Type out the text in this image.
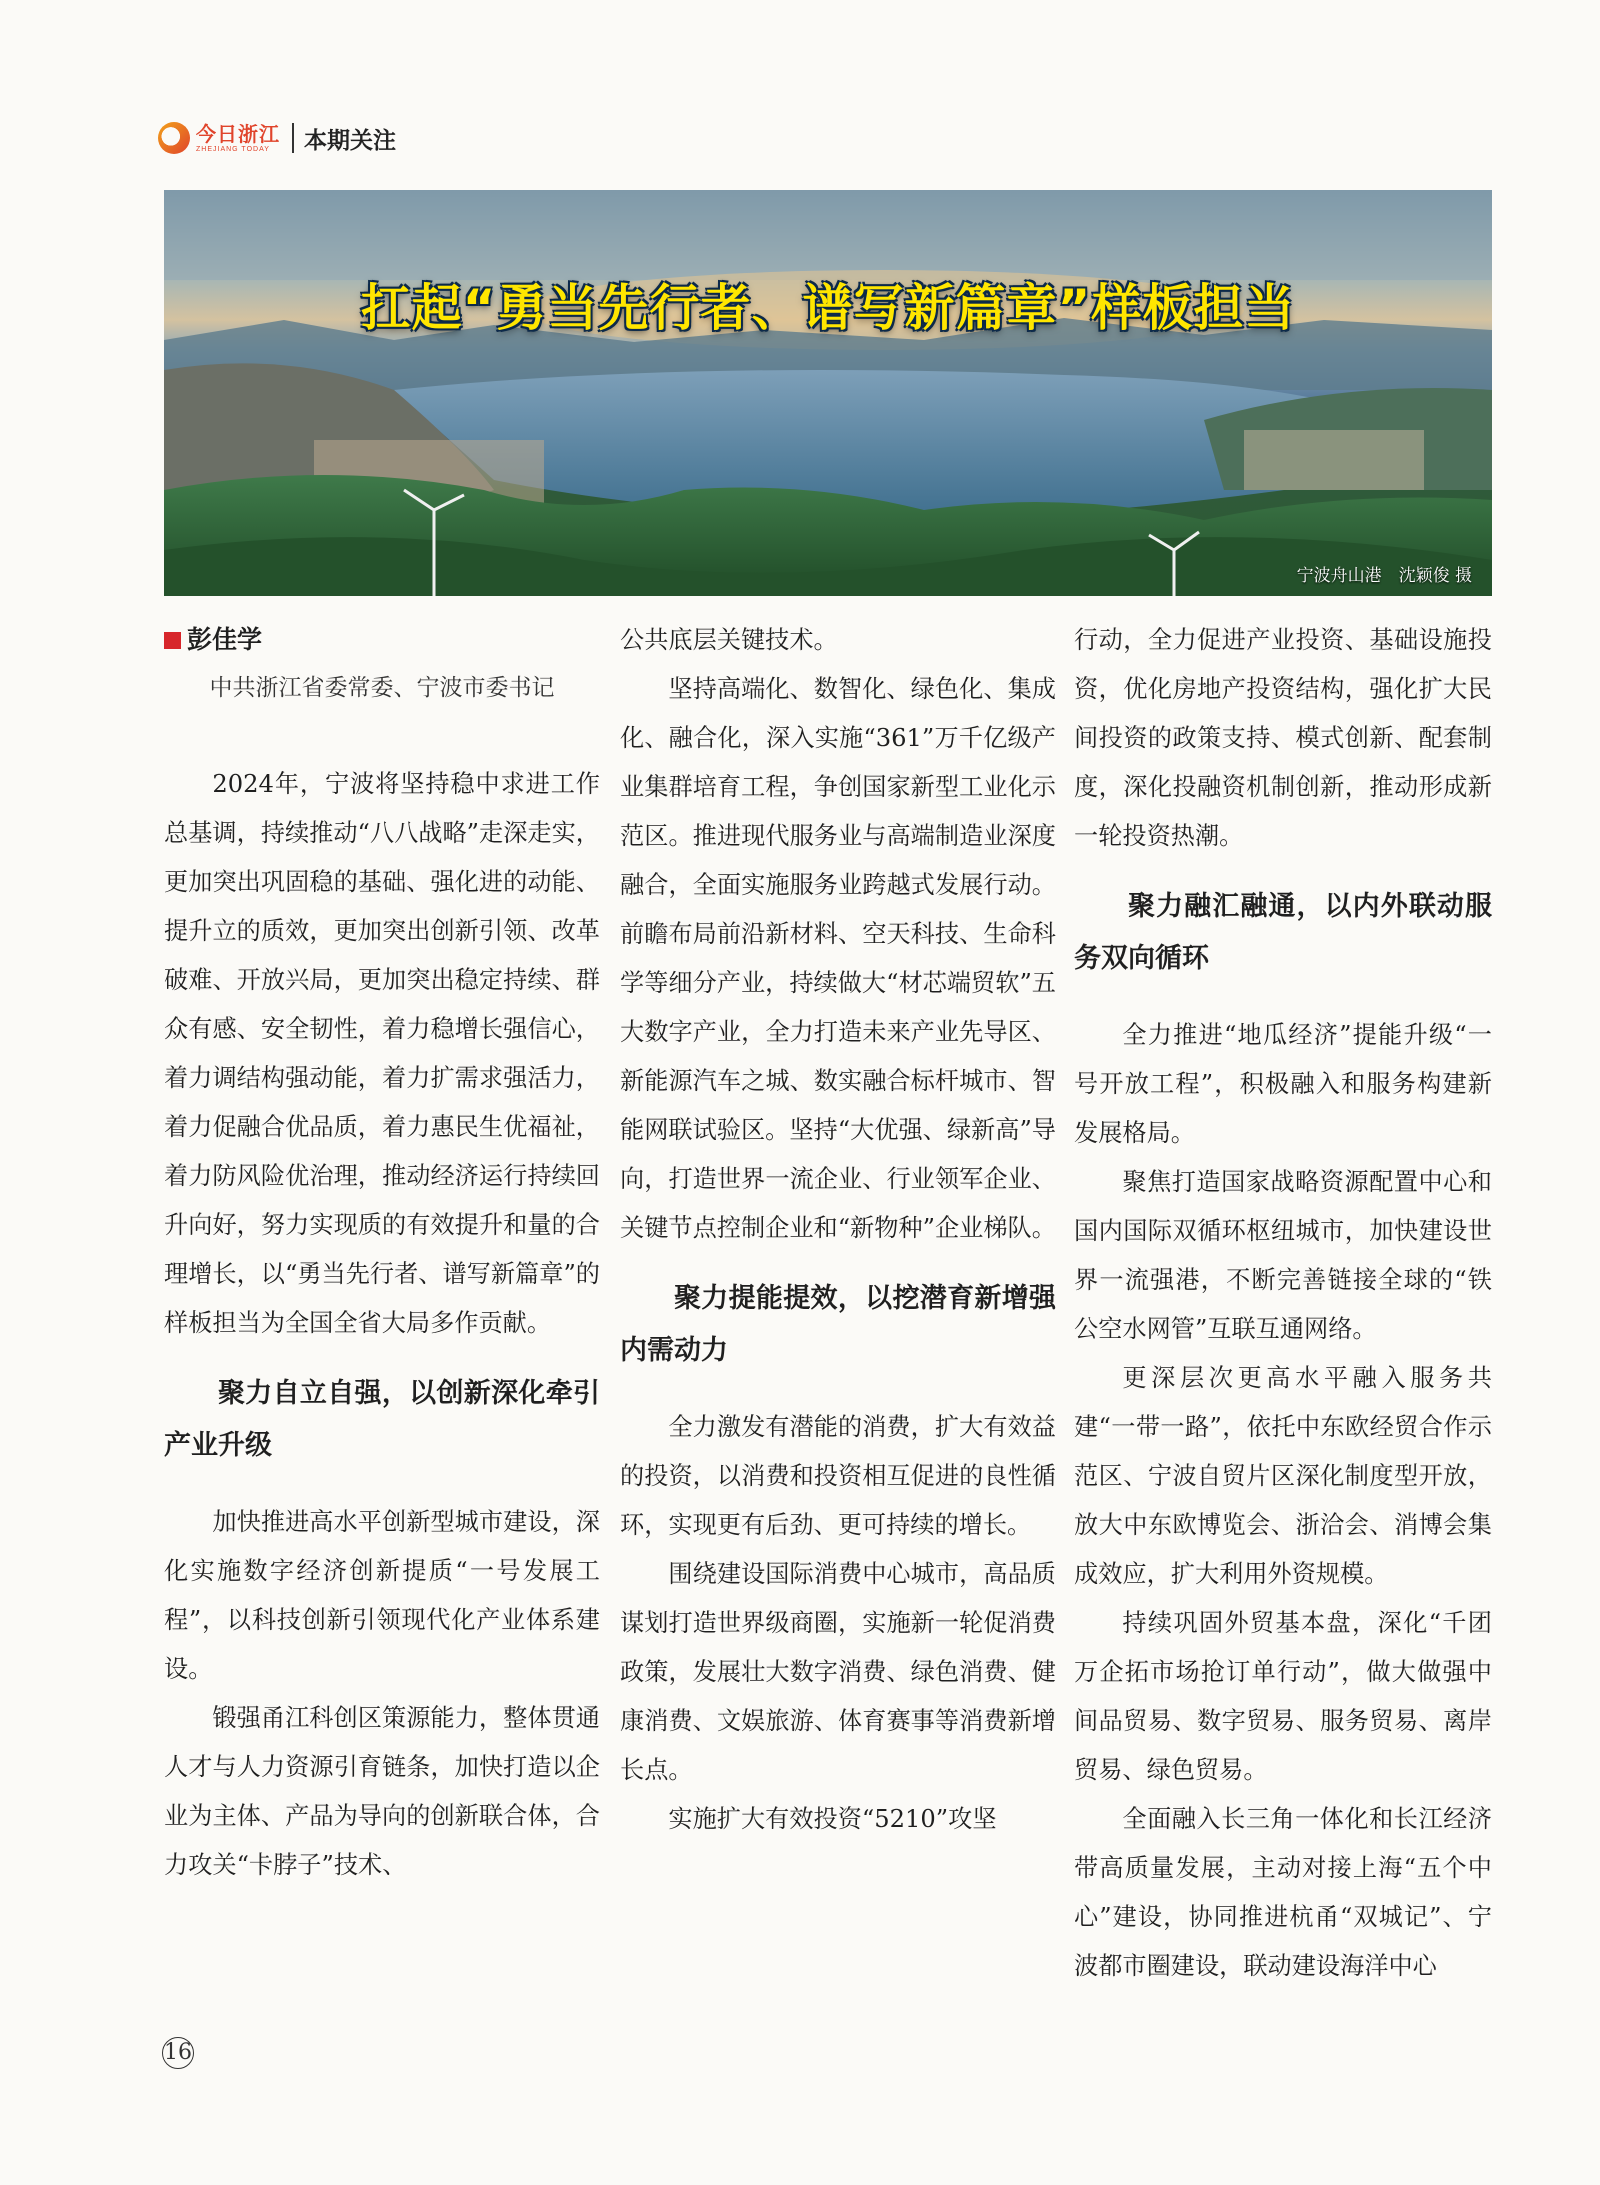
今日浙江
ZHEJIANG TODAY	本期关注
扛起“勇当先行者、谱写新篇章”样板担当
宁波舟山港　沈颖俊 摄
彭佳学
中共浙江省委常委、宁波市委书记

2024年，宁波将坚持稳中求进工作总基调，持续推动“八八战略”走深走实，更加突出巩固稳的基础、强化进的动能、提升立的质效，更加突出创新引领、改革破难、开放兴局，更加突出稳定持续、群众有感、安全韧性，着力稳增长强信心，着力调结构强动能，着力扩需求强活力，着力促融合优品质，着力惠民生优福祉，着力防风险优治理，推动经济运行持续回升向好，努力实现质的有效提升和量的合理增长，以“勇当先行者、谱写新篇章”的样板担当为全国全省大局多作贡献。

聚力自立自强，以创新深化牵引产业升级

加快推进高水平创新型城市建设，深化实施数字经济创新提质“一号发展工程”，以科技创新引领现代化产业体系建设。

锻强甬江科创区策源能力，整体贯通人才与人力资源引育链条，加快打造以企业为主体、产品为导向的创新联合体，合力攻关“卡脖子”技术、

公共底层关键技术。

坚持高端化、数智化、绿色化、集成化、融合化，深入实施“361”万千亿级产业集群培育工程，争创国家新型工业化示范区。推进现代服务业与高端制造业深度融合，全面实施服务业跨越式发展行动。前瞻布局前沿新材料、空天科技、生命科学等细分产业，持续做大“材芯端贸软”五大数字产业，全力打造未来产业先导区、新能源汽车之城、数实融合标杆城市、智能网联试验区。坚持“大优强、绿新高”导向，打造世界一流企业、行业领军企业、关键节点控制企业和“新物种”企业梯队。

聚力提能提效，以挖潜育新增强内需动力

全力激发有潜能的消费，扩大有效益的投资，以消费和投资相互促进的良性循环，实现更有后劲、更可持续的增长。

围绕建设国际消费中心城市，高品质谋划打造世界级商圈，实施新一轮促消费政策，发展壮大数字消费、绿色消费、健康消费、文娱旅游、体育赛事等消费新增长点。

实施扩大有效投资“5210”攻坚

行动，全力促进产业投资、基础设施投资，优化房地产投资结构，强化扩大民间投资的政策支持、模式创新、配套制度，深化投融资机制创新，推动形成新一轮投资热潮。

聚力融汇融通，以内外联动服务双向循环

全力推进“地瓜经济”提能升级“一号开放工程”，积极融入和服务构建新发展格局。

聚焦打造国家战略资源配置中心和国内国际双循环枢纽城市，加快建设世界一流强港，不断完善链接全球的“铁公空水网管”互联互通网络。

更深层次更高水平融入服务共建“一带一路”，依托中东欧经贸合作示范区、宁波自贸片区深化制度型开放，放大中东欧博览会、浙洽会、消博会集成效应，扩大利用外资规模。

持续巩固外贸基本盘，深化“千团万企拓市场抢订单行动”，做大做强中间品贸易、数字贸易、服务贸易、离岸贸易、绿色贸易。

全面融入长三角一体化和长江经济带高质量发展，主动对接上海“五个中心”建设，协同推进杭甬“双城记”、宁波都市圈建设，联动建设海洋中心

16
